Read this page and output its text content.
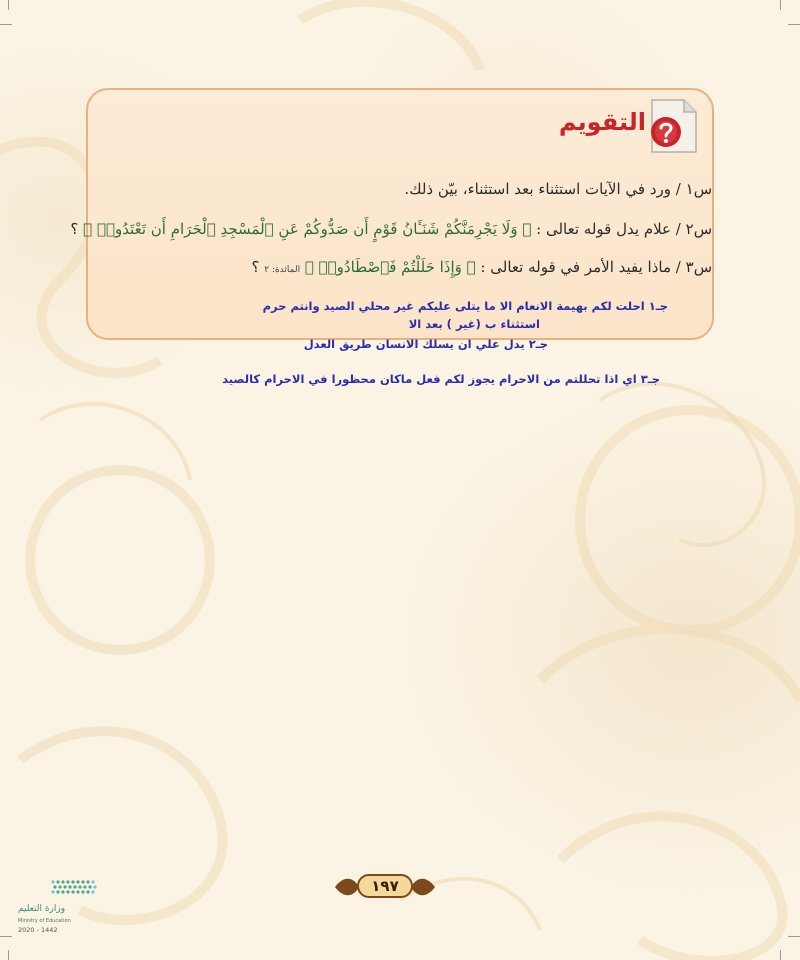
التقويم
س١ / ورد في الآيات استثناء بعد استثناء، بيّن ذلك.
س٢ / علام يدل قوله تعالى : ﴿ وَلَا يَجْرِمَنَّكُمْ شَنَـَٔانُ قَوْمٍ أَن صَدُّوكُمْ عَنِ ٱلْمَسْجِدِ ٱلْحَرَامِ أَن تَعْتَدُوا۟ ﴾ ؟
س٣ / ماذا يفيد الأمر في قوله تعالى : ﴿ وَإِذَا حَلَلْتُمْ فَٱصْطَادُوا۟ ﴾ المائدة: ٢ ؟
جـ١ احلت لكم بهيمة الانعام الا ما يتلى عليكم غير محلي الصيد وانتم حرم
استثناء ب (غير ) بعد الا
جـ٢ يدل علي ان يسلك الانسان طريق العدل
جـ٣ اي اذا تحللتم من الاحرام يجوز لكم فعل ماكان محظورا في الاحرام كالصيد
١٩٧
وزارة التعليم
Ministry of Education
2020 - 1442
